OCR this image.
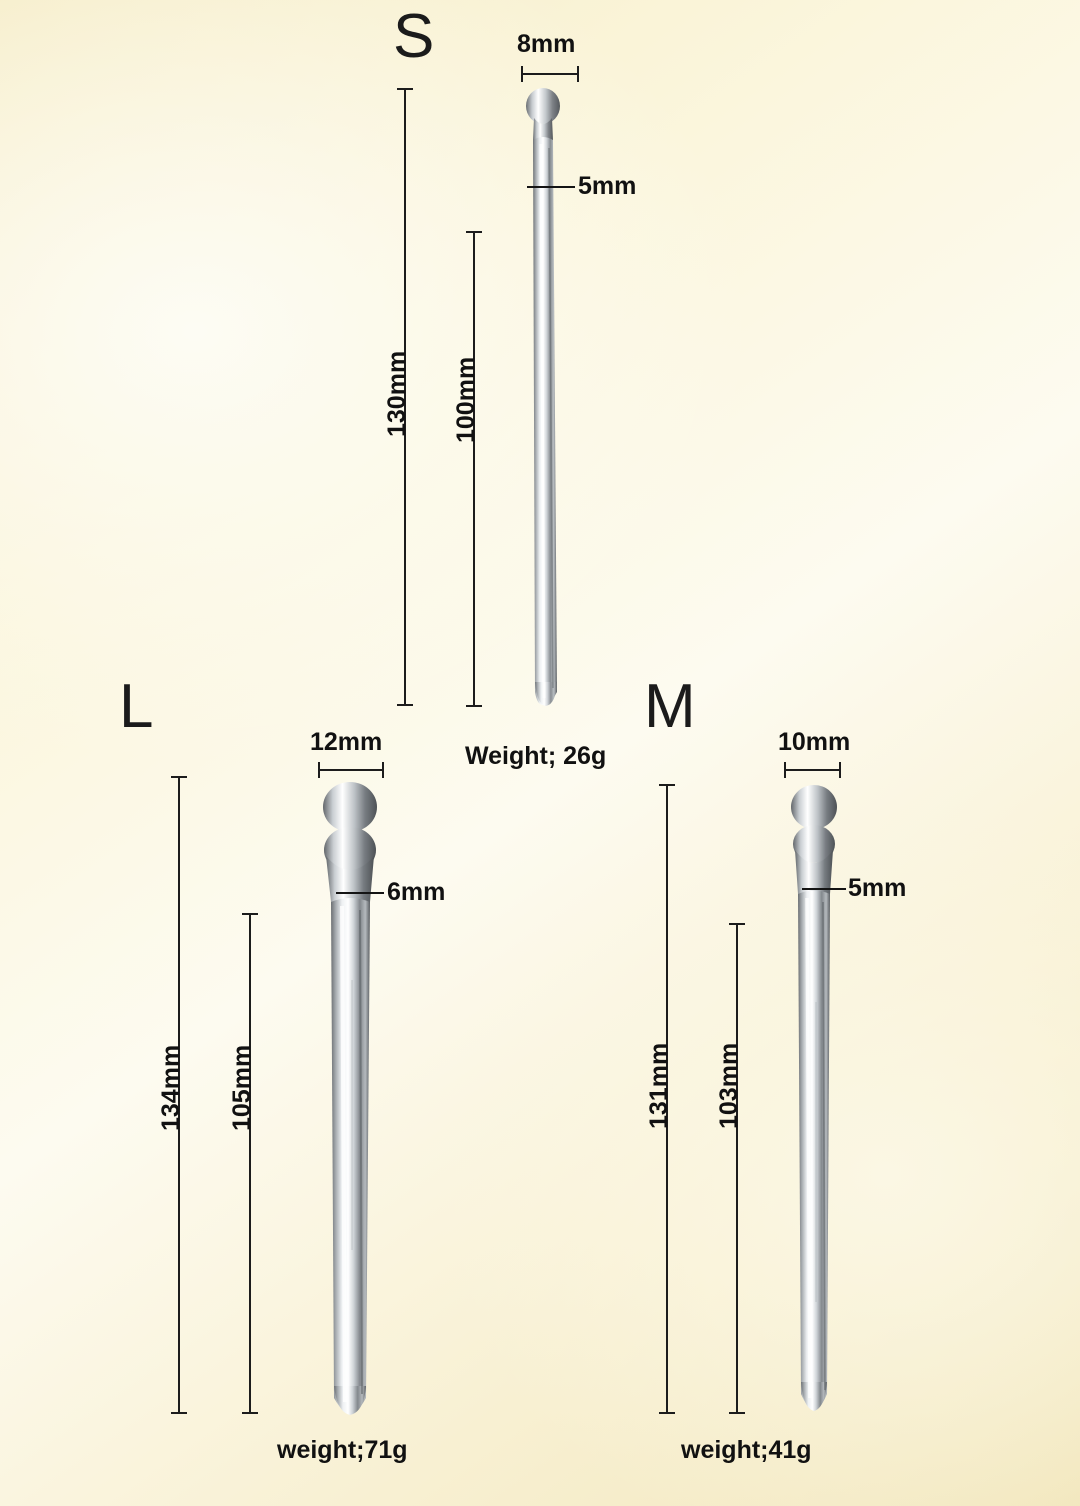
S	8mm
130mm 100mm
5mm
Weight; 26g
L
12mm
134mm 105mm
6mm
weight;71g
M
10mm
131mm 103mm
5mm
weight;41g
